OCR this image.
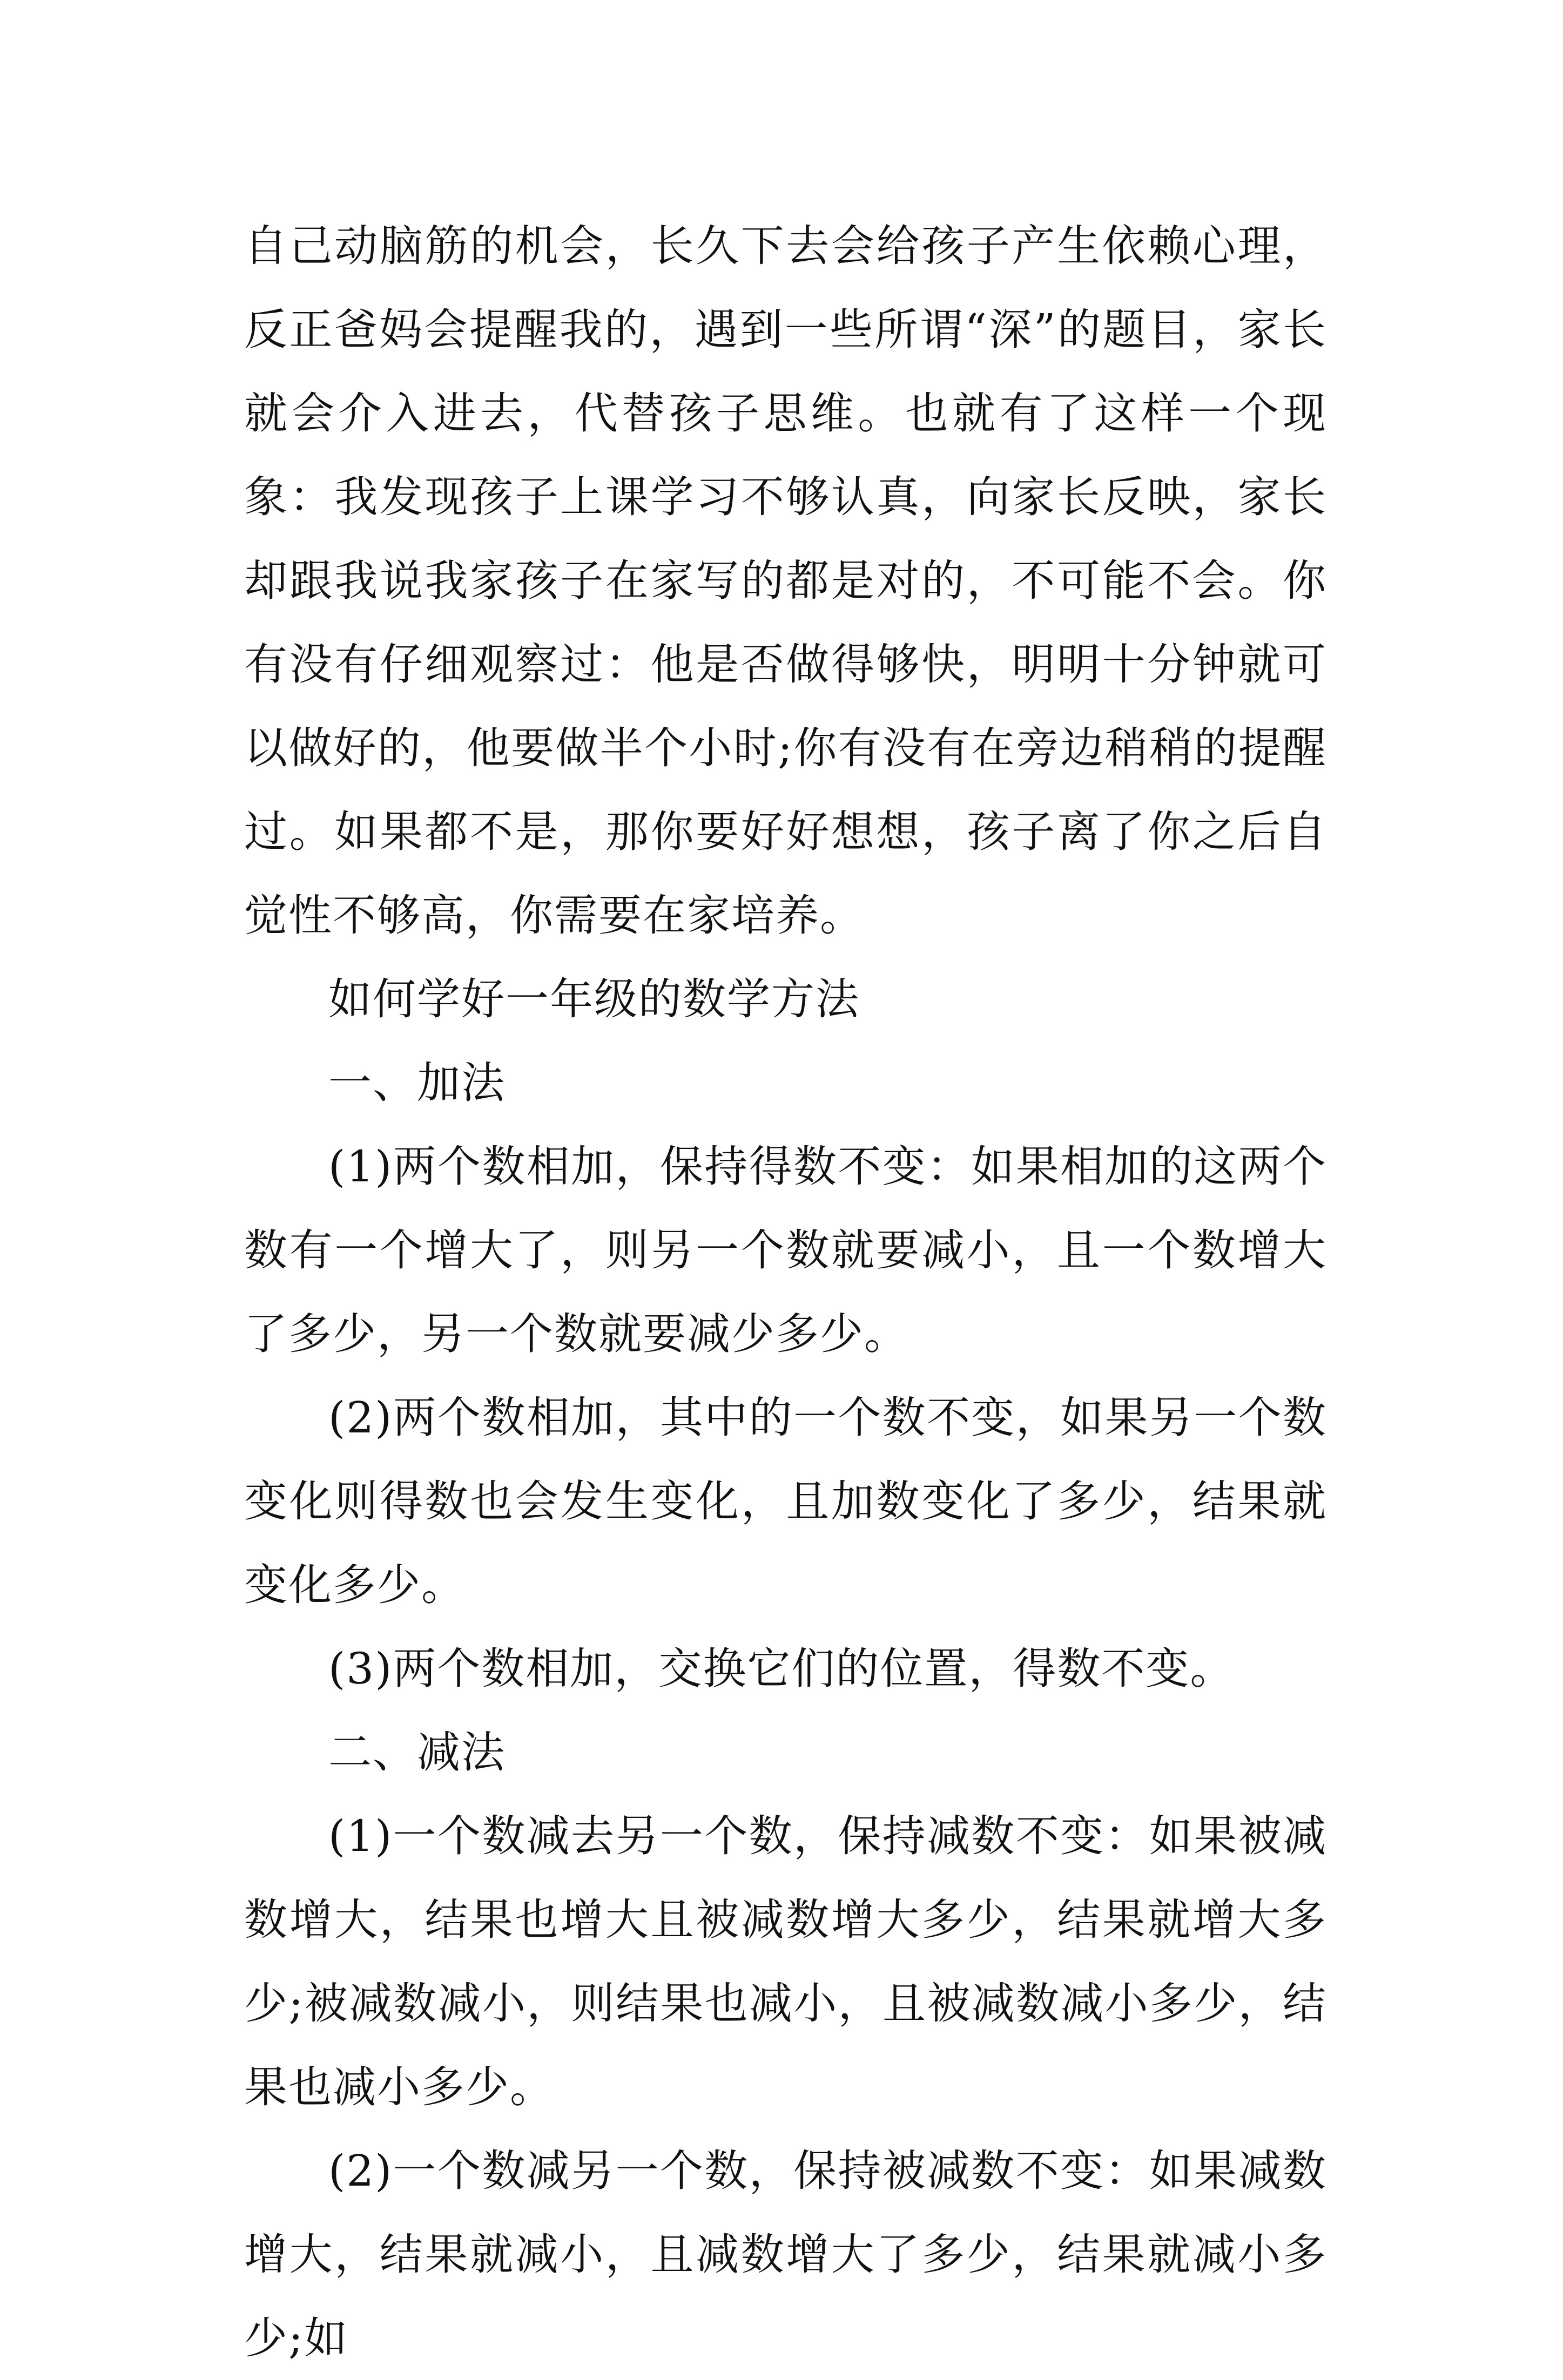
自己动脑筋的机会，长久下去会给孩子产生依赖心理，反正爸妈会提醒我的，遇到一些所谓“深”的题目，家长就会介入进去，代替孩子思维。也就有了这样一个现象：我发现孩子上课学习不够认真，向家长反映，家长却跟我说我家孩子在家写的都是对的，不可能不会。你有没有仔细观察过：他是否做得够快，明明十分钟就可以做好的，他要做半个小时;你有没有在旁边稍稍的提醒过。如果都不是，那你要好好想想，孩子离了你之后自觉性不够高，你需要在家培养。

如何学好一年级的数学方法

一、加法

(1)两个数相加，保持得数不变：如果相加的这两个数有一个增大了，则另一个数就要减小，且一个数增大了多少，另一个数就要减少多少。

(2)两个数相加，其中的一个数不变，如果另一个数变化则得数也会发生变化，且加数变化了多少，结果就变化多少。

(3)两个数相加，交换它们的位置，得数不变。

二、减法

(1)一个数减去另一个数，保持减数不变：如果被减数增大，结果也增大且被减数增大多少，结果就增大多少;被减数减小，则结果也减小，且被减数减小多少，结果也减小多少。

(2)一个数减另一个数，保持被减数不变：如果减数增大，结果就减小，且减数增大了多少，结果就减小多少;如
